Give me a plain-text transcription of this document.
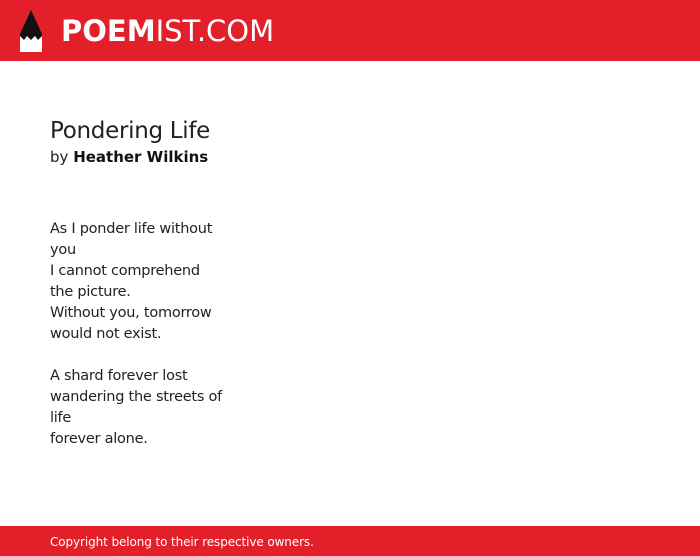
POEMIST.COM
Pondering Life
by Heather Wilkins

As I ponder life without you
I cannot comprehend the picture.
Without you, tomorrow would not exist.

A shard forever lost
wandering the streets of life
forever alone.

Copyright belong to their respective owners.
